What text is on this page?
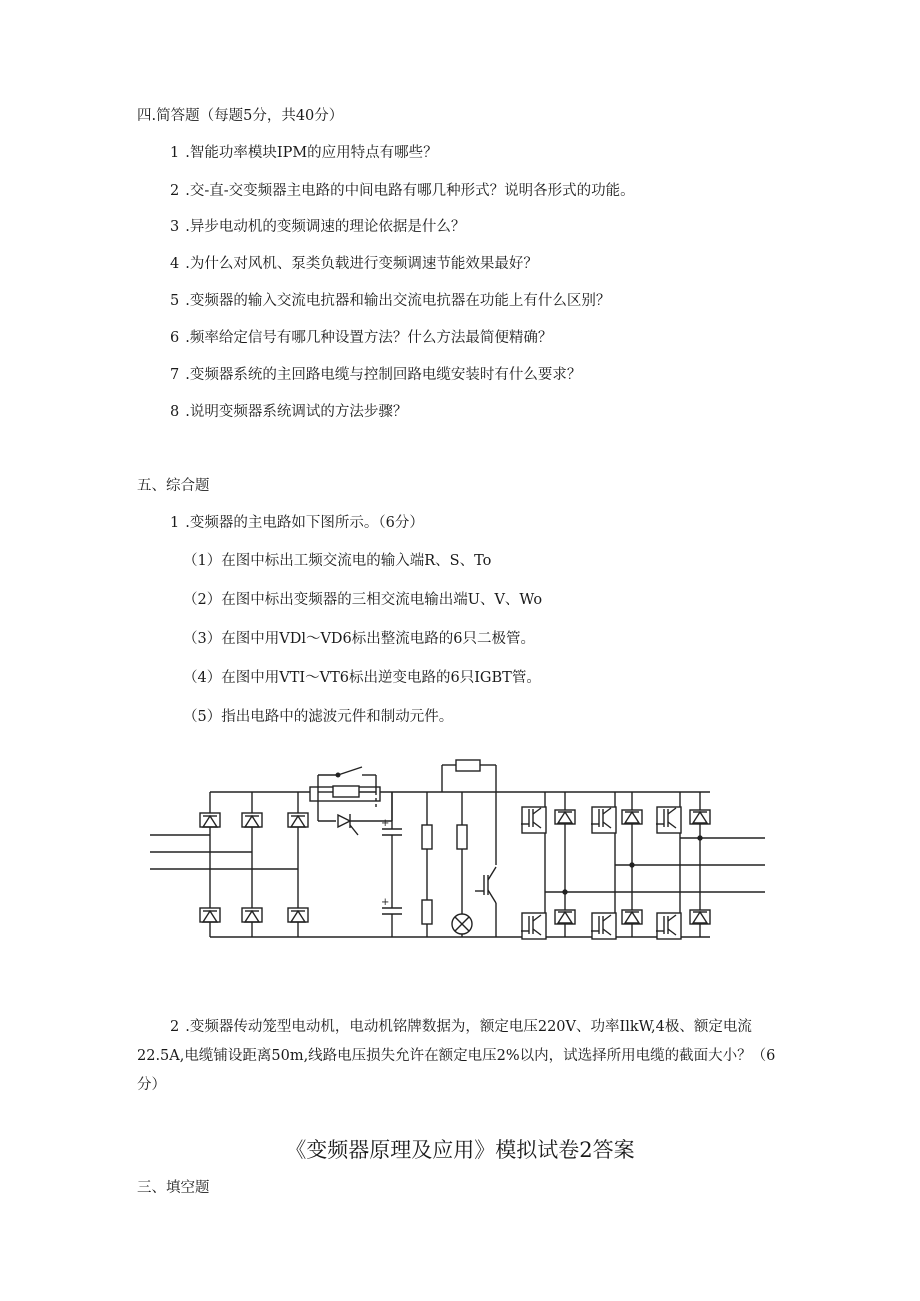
四.简答题（每题5分，共40分）
1 .智能功率模块IPM的应用特点有哪些？
2 .交-直-交变频器主电路的中间电路有哪几种形式？说明各形式的功能。
3 .异步电动机的变频调速的理论依据是什么？
4 .为什么对风机、泵类负载进行变频调速节能效果最好？
5 .变频器的输入交流电抗器和输出交流电抗器在功能上有什么区别？
6 .频率给定信号有哪几种设置方法？什么方法最简便精确？
7 .变频器系统的主回路电缆与控制回路电缆安装时有什么要求？
8 .说明变频器系统调试的方法步骤？
五、综合题
1 .变频器的主电路如下图所示。（6分）
（1）在图中标出工频交流电的输入端R、S、To
（2）在图中标出变频器的三相交流电输出端U、V、Wo
（3）在图中用VDl～VD6标出整流电路的6只二极管。
（4）在图中用VTI～VT6标出逆变电路的6只IGBT管。
（5）指出电路中的滤波元件和制动元件。
+
+
2 .变频器传动笼型电动机，电动机铭牌数据为，额定电压220V、功率IlkW,4极、额定电流22.5A,电缆铺设距离50m,线路电压损失允许在额定电压2%以内，试选择所用电缆的截面大小？（6分）
《变频器原理及应用》模拟试卷2答案
三、填空题
